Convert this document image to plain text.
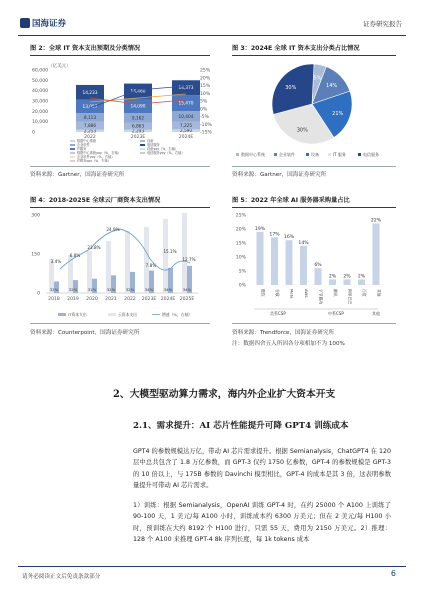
国海证券	证券研究报告
图 2：全球 IT 资本支出预期及分类情况
（亿美元）
60,000
50,000
40,000
30,000
20,000
10,000
0
25%
20%
15%
10%
5%
0%
-5%
-10%
-15%
2,253
7,886
8,113
13,057
14,233
2,293
6,863
9,162
14,090
14,460
2,590
7,225
10,404
15,470
14,373
2022	2023E	2024E
数据中心系统
企业软件
IT服务
数据中心系统yoy（%，右轴）
企业软件yoy（%，右轴）
IT服务yoy（%，右轴）
设备
电信服务
设备yoy（%，右轴）
电信服务yoy（%，右轴）
资料来源：Gartner，国海证券研究所
图 3：2024E 全球 IT 资本支出分类占比情况
5%
14%
21%
30%
30%
数据中心系统	企业软件	设备	IT 服务	电信服务
资料来源：Gartner，国海证券研究所
图 4：2018-2025E 全球云厂商资本支出情况
300
150
0
32%	32%	31%	32%	32%	34%	34%	34%
3.4%
6.8%
23.8%
24.9%
7.8%
15.1%
12.7%
2018 2019 2020 2021 2022 2023E 2024E 2025E
IT资本支出	云资本支出	增速（%，右轴）
资料来源：Counterpoint，国海证券研究所
图 5：2022 年全球 AI 服务器采购量占比
25%
20%
15%
10%
5%
0%
19%
17%
16%
14%
6%
2% 2% 2%
22%
微软	谷歌	Meta	AWS	字节跳动	腾讯	阿里巴巴	百度	其他
美系CSP	中系CSP	其他
资料来源：Trendforce，国海证券研究所
注：数据四舍五入所因各分项相加不为 100%
2、大模型驱动算力需求，海内外企业扩大资本开支
2.1、需求提升：AI 芯片性能提升可降 GPT4 训练成本
GPT4 的参数规模达万亿，带动 AI 芯片需求提升。根据 Semianalysis，ChatGPT4 在 120 层中总共包含了 1.8 万亿参数，而 GPT-3 仅约 1750 亿参数，GPT-4 的参数规模是 GPT-3 的 10 倍以上，与 175B 参数的 Davinchi 模型相比，GPT-4 的成本是其 3 倍，这表明参数量提升可带动 AI 芯片需求。
1）训练：根据 Semianalysis，OpenAI 训练 GPT-4 时，在约 25000 个 A100 上训练了 90-100 天，1 美元/每 A100 小时，训练成本约 6300 万美元；但在 2 美元/每 H100 小时，预训练在大约 8192 个 H100 进行，只需 55 天，费用为 2150 万美元。2）推理：128 个 A100 来推理 GPT-4 8k 序列长度，每 1k tokens 成本
请务必阅读正文后免责条款部分	6
